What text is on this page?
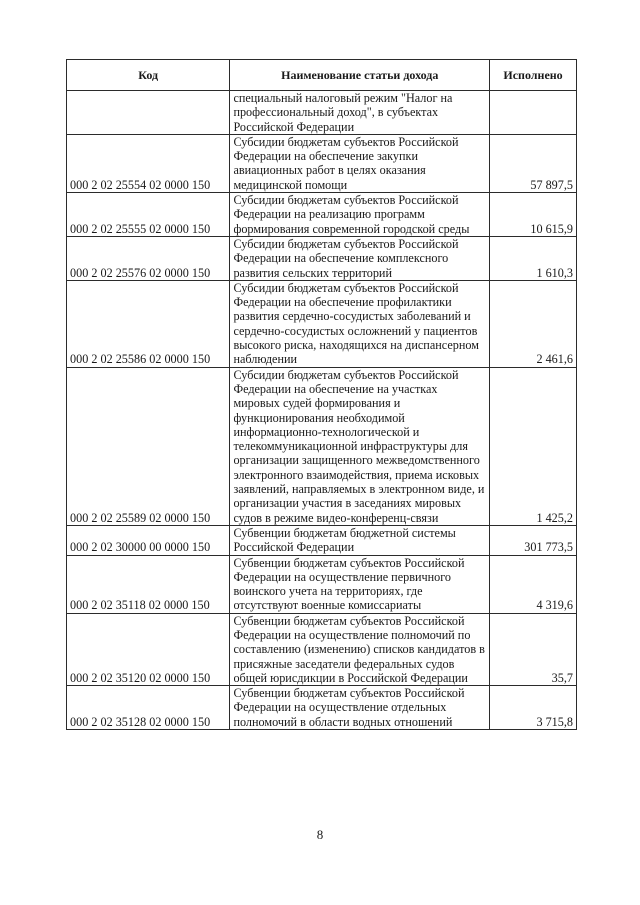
Код	Наименование статьи дохода	Исполнено
	специальный налоговый режим "Налог на профессиональный доход", в субъектах Российской Федерации	
000 2 02 25554 02 0000 150	Субсидии бюджетам субъектов Российской Федерации на обеспечение закупки авиационных работ в целях оказания медицинской помощи	57 897,5
000 2 02 25555 02 0000 150	Субсидии бюджетам субъектов Российской Федерации на реализацию программ формирования современной городской среды	10 615,9
000 2 02 25576 02 0000 150	Субсидии бюджетам субъектов Российской Федерации на обеспечение комплексного развития сельских территорий	1 610,3
000 2 02 25586 02 0000 150	Субсидии бюджетам субъектов Российской Федерации на обеспечение профилактики развития сердечно-сосудистых заболеваний и сердечно-сосудистых осложнений у пациентов высокого риска, находящихся на диспансерном наблюдении	2 461,6
000 2 02 25589 02 0000 150	Субсидии бюджетам субъектов Российской Федерации на обеспечение на участках мировых судей формирования и функционирования необходимой информационно-технологической и телекоммуникационной инфраструктуры для организации защищенного межведомственного электронного взаимодействия, приема исковых заявлений, направляемых в электронном виде, и организации участия в заседаниях мировых судов в режиме видео-конференц-связи	1 425,2
000 2 02 30000 00 0000 150	Субвенции бюджетам бюджетной системы Российской Федерации	301 773,5
000 2 02 35118 02 0000 150	Субвенции бюджетам субъектов Российской Федерации на осуществление первичного воинского учета на территориях, где отсутствуют военные комиссариаты	4 319,6
000 2 02 35120 02 0000 150	Субвенции бюджетам субъектов Российской Федерации на осуществление полномочий по составлению (изменению) списков кандидатов в присяжные заседатели федеральных судов общей юрисдикции в Российской Федерации	35,7
000 2 02 35128 02 0000 150	Субвенции бюджетам субъектов Российской Федерации на осуществление отдельных полномочий в области водных отношений	3 715,8
8
